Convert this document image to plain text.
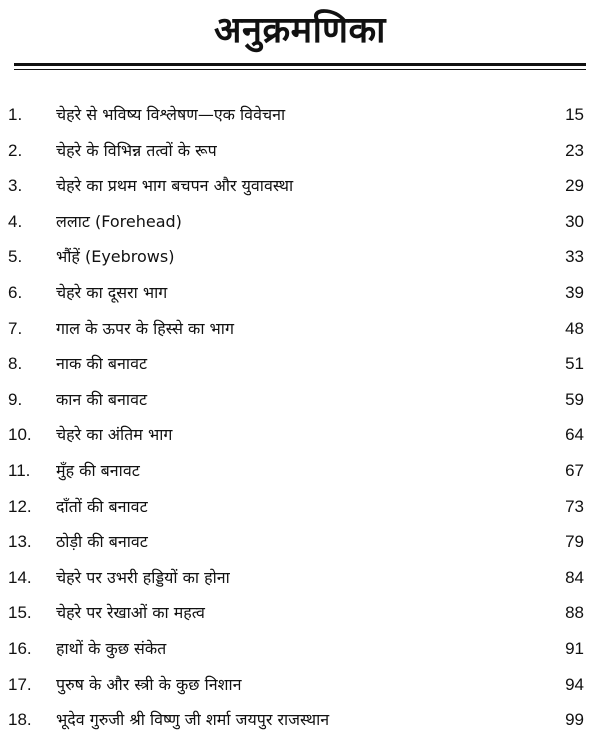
अनुक्रमणिका
1. चेहरे से भविष्य विश्लेषण—एक विवेचना	15
2. चेहरे के विभिन्न तत्वों के रूप	23
3. चेहरे का प्रथम भाग बचपन और युवावस्था	29
4. ललाट (Forehead)	30
5. भौंहें (Eyebrows)	33
6. चेहरे का दूसरा भाग	39
7. गाल के ऊपर के हिस्से का भाग	48
8. नाक की बनावट	51
9. कान की बनावट	59
10. चेहरे का अंतिम भाग	64
11. मुँह की बनावट	67
12. दाँतों की बनावट	73
13. ठोड़ी की बनावट	79
14. चेहरे पर उभरी हड्डियों का होना	84
15. चेहरे पर रेखाओं का महत्व	88
16. हाथों के कुछ संकेत	91
17. पुरुष के और स्त्री के कुछ निशान	94
18. भूदेव गुरुजी श्री विष्णु जी शर्मा जयपुर राजस्थान	99
